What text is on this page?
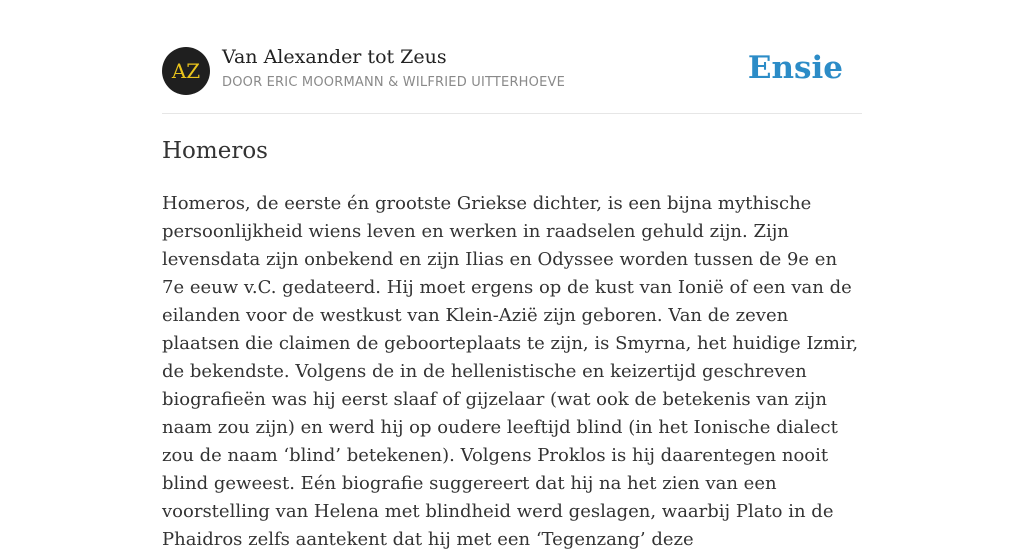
AZ
Van Alexander tot Zeus
DOOR ERIC MOORMANN & WILFRIED UITTERHOEVE	Ensie
Homeros

Homeros, de eerste én grootste Griekse dichter, is een bijna mythische persoonlijkheid wiens leven en werken in raadselen gehuld zijn. Zijn levensdata zijn onbekend en zijn Ilias en Odyssee worden tussen de 9e en 7e eeuw v.C. gedateerd. Hij moet ergens op de kust van Ionië of een van de eilanden voor de westkust van Klein-Azië zijn geboren. Van de zeven plaatsen die claimen de geboorteplaats te zijn, is Smyrna, het huidige Izmir, de bekendste. Volgens de in de hellenistische en keizertijd geschreven biografieën was hij eerst slaaf of gijzelaar (wat ook de betekenis van zijn naam zou zijn) en werd hij op oudere leeftijd blind (in het Ionische dialect zou de naam ‘blind’ betekenen). Volgens Proklos is hij daarentegen nooit blind geweest. Eén biografie suggereert dat hij na het zien van een voorstelling van Helena met blindheid werd geslagen, waarbij Plato in de Phaidros zelfs aantekent dat hij met een ‘Tegenzang’ deze
